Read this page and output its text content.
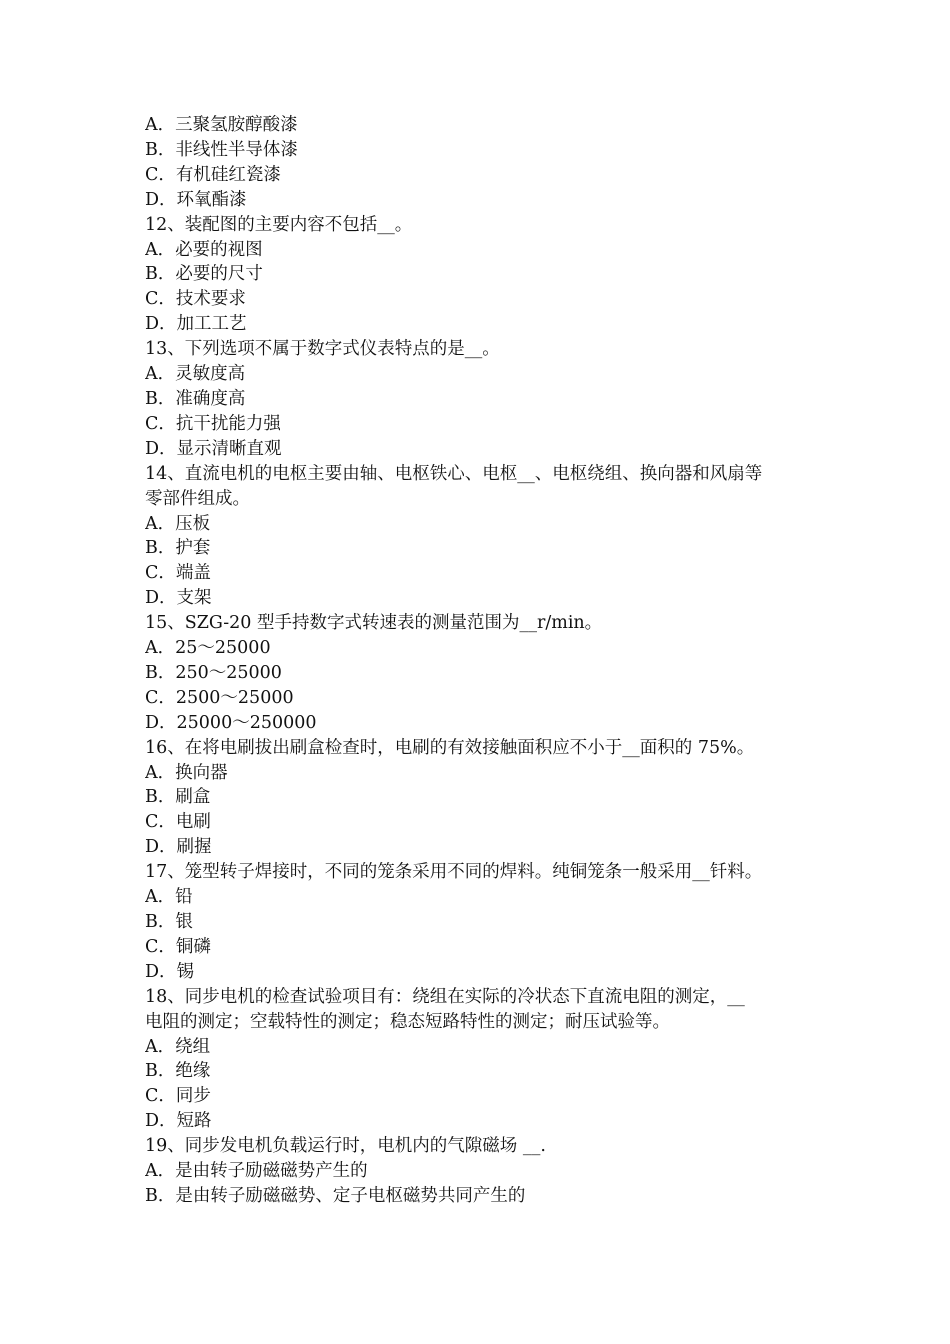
A．三聚氢胺醇酸漆
B．非线性半导体漆
C．有机硅红瓷漆
D．环氧酯漆
12、装配图的主要内容不包括__。
A．必要的视图
B．必要的尺寸
C．技术要求
D．加工工艺
13、下列选项不属于数字式仪表特点的是__。
A．灵敏度高
B．准确度高
C．抗干扰能力强
D．显示清晰直观
14、直流电机的电枢主要由轴、电枢铁心、电枢__、电枢绕组、换向器和风扇等
零部件组成。
A．压板
B．护套
C．端盖
D．支架
15、SZG-20 型手持数字式转速表的测量范围为__r/min。
A．25～25000
B．250～25000
C．2500～25000
D．25000～250000
16、在将电刷拔出刷盒检查时，电刷的有效接触面积应不小于__面积的 75%。
A．换向器
B．刷盒
C．电刷
D．刷握
17、笼型转子焊接时，不同的笼条采用不同的焊料。纯铜笼条一般采用__钎料。
A．铅
B．银
C．铜磷
D．锡
18、同步电机的检查试验项目有：绕组在实际的冷状态下直流电阻的测定，__
电阻的测定；空载特性的测定；稳态短路特性的测定；耐压试验等。
A．绕组
B．绝缘
C．同步
D．短路
19、同步发电机负载运行时，电机内的气隙磁场 __.
A．是由转子励磁磁势产生的
B．是由转子励磁磁势、定子电枢磁势共同产生的
